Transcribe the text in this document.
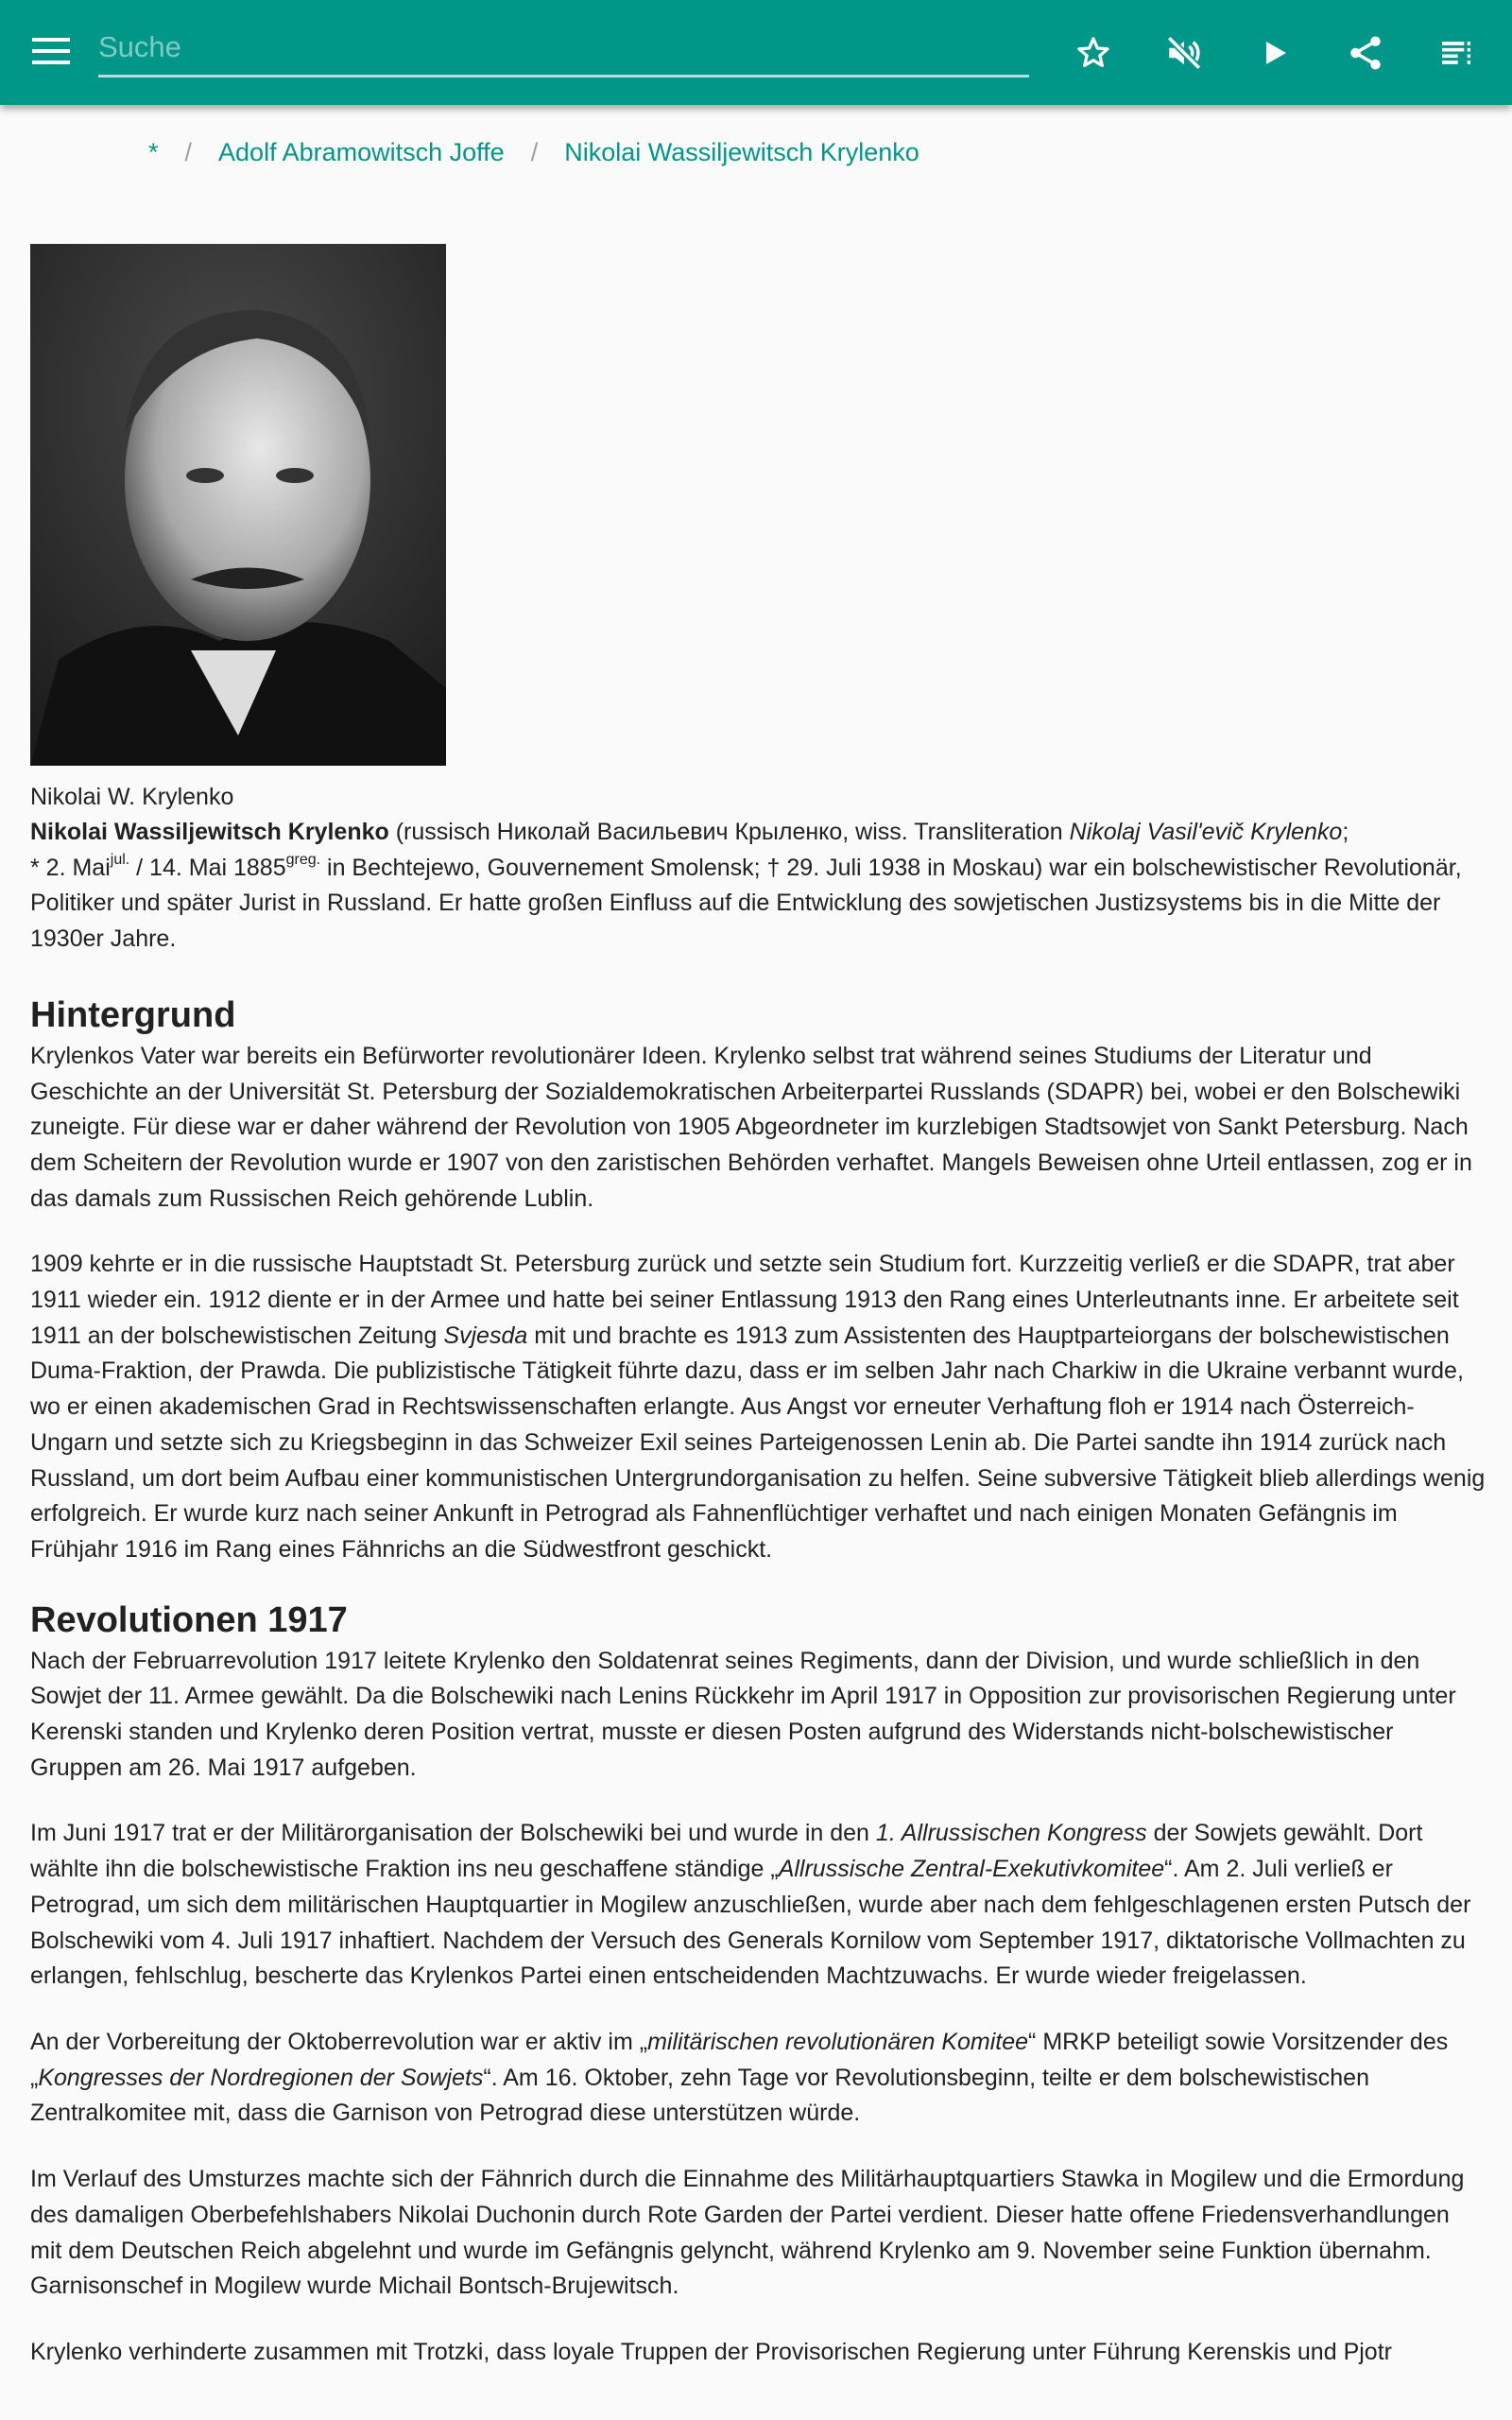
Suche
* / Adolf Abramowitsch Joffe / Nikolai Wassiljewitsch Krylenko
Nikolai W. Krylenko

Nikolai Wassiljewitsch Krylenko (russisch Николай Васильевич Крыленко, wiss. Transliteration Nikolaj Vasil'evič Krylenko;
* 2. Mai$^{jul.}$ / 14. Mai $1885^{greg.}$ in Bechtejewo, Gouvernement Smolensk; † 29. Juli 1938 in Moskau) war ein bolschewistischer Revolutionär, Politiker und später Jurist in Russland. Er hatte großen Einfluss auf die Entwicklung des sowjetischen Justizsystems bis in die Mitte der 1930er Jahre.

Hintergrund

Krylenkos Vater war bereits ein Befürworter revolutionärer Ideen. Krylenko selbst trat während seines Studiums der Literatur und Geschichte an der Universität St. Petersburg der Sozialdemokratischen Arbeiterpartei Russlands (SDAPR) bei, wobei er den Bolschewiki zuneigte. Für diese war er daher während der Revolution von 1905 Abgeordneter im kurzlebigen Stadtsowjet von Sankt Petersburg. Nach dem Scheitern der Revolution wurde er 1907 von den zaristischen Behörden verhaftet. Mangels Beweisen ohne Urteil entlassen, zog er in das damals zum Russischen Reich gehörende Lublin.

1909 kehrte er in die russische Hauptstadt St. Petersburg zurück und setzte sein Studium fort. Kurzzeitig verließ er die SDAPR, trat aber 1911 wieder ein. 1912 diente er in der Armee und hatte bei seiner Entlassung 1913 den Rang eines Unterleutnants inne. Er arbeitete seit 1911 an der bolschewistischen Zeitung Svjesda mit und brachte es 1913 zum Assistenten des Hauptparteiorgans der bolschewistischen Duma-Fraktion, der Prawda. Die publizistische Tätigkeit führte dazu, dass er im selben Jahr nach Charkiw in die Ukraine verbannt wurde, wo er einen akademischen Grad in Rechtswissenschaften erlangte. Aus Angst vor erneuter Verhaftung floh er 1914 nach Österreich-Ungarn und setzte sich zu Kriegsbeginn in das Schweizer Exil seines Parteigenossen Lenin ab. Die Partei sandte ihn 1914 zurück nach Russland, um dort beim Aufbau einer kommunistischen Untergrundorganisation zu helfen. Seine subversive Tätigkeit blieb allerdings wenig erfolgreich. Er wurde kurz nach seiner Ankunft in Petrograd als Fahnenflüchtiger verhaftet und nach einigen Monaten Gefängnis im Frühjahr 1916 im Rang eines Fähnrichs an die Südwestfront geschickt.

Revolutionen 1917

Nach der Februarrevolution 1917 leitete Krylenko den Soldatenrat seines Regiments, dann der Division, und wurde schließlich in den Sowjet der 11. Armee gewählt. Da die Bolschewiki nach Lenins Rückkehr im April 1917 in Opposition zur provisorischen Regierung unter Kerenski standen und Krylenko deren Position vertrat, musste er diesen Posten aufgrund des Widerstands nicht-bolschewistischer Gruppen am 26. Mai 1917 aufgeben.

Im Juni 1917 trat er der Militärorganisation der Bolschewiki bei und wurde in den 1. Allrussischen Kongress der Sowjets gewählt. Dort wählte ihn die bolschewistische Fraktion ins neu geschaffene ständige „Allrussische Zentral-Exekutivkomitee“. Am 2. Juli verließ er Petrograd, um sich dem militärischen Hauptquartier in Mogilew anzuschließen, wurde aber nach dem fehlgeschlagenen ersten Putsch der Bolschewiki vom 4. Juli 1917 inhaftiert. Nachdem der Versuch des Generals Kornilow vom September 1917, diktatorische Vollmachten zu erlangen, fehlschlug, bescherte das Krylenkos Partei einen entscheidenden Machtzuwachs. Er wurde wieder freigelassen.

An der Vorbereitung der Oktoberrevolution war er aktiv im „militärischen revolutionären Komitee“ MRKP beteiligt sowie Vorsitzender des „Kongresses der Nordregionen der Sowjets“. Am 16. Oktober, zehn Tage vor Revolutionsbeginn, teilte er dem bolschewistischen Zentralkomitee mit, dass die Garnison von Petrograd diese unterstützen würde.

Im Verlauf des Umsturzes machte sich der Fähnrich durch die Einnahme des Militärhauptquartiers Stawka in Mogilew und die Ermordung des damaligen Oberbefehlshabers Nikolai Duchonin durch Rote Garden der Partei verdient. Dieser hatte offene Friedensverhandlungen mit dem Deutschen Reich abgelehnt und wurde im Gefängnis gelyncht, während Krylenko am 9. November seine Funktion übernahm. Garnisonschef in Mogilew wurde Michail Bontsch-Brujewitsch.

Krylenko verhinderte zusammen mit Trotzki, dass loyale Truppen der Provisorischen Regierung unter Führung Kerenskis und Pjotr
